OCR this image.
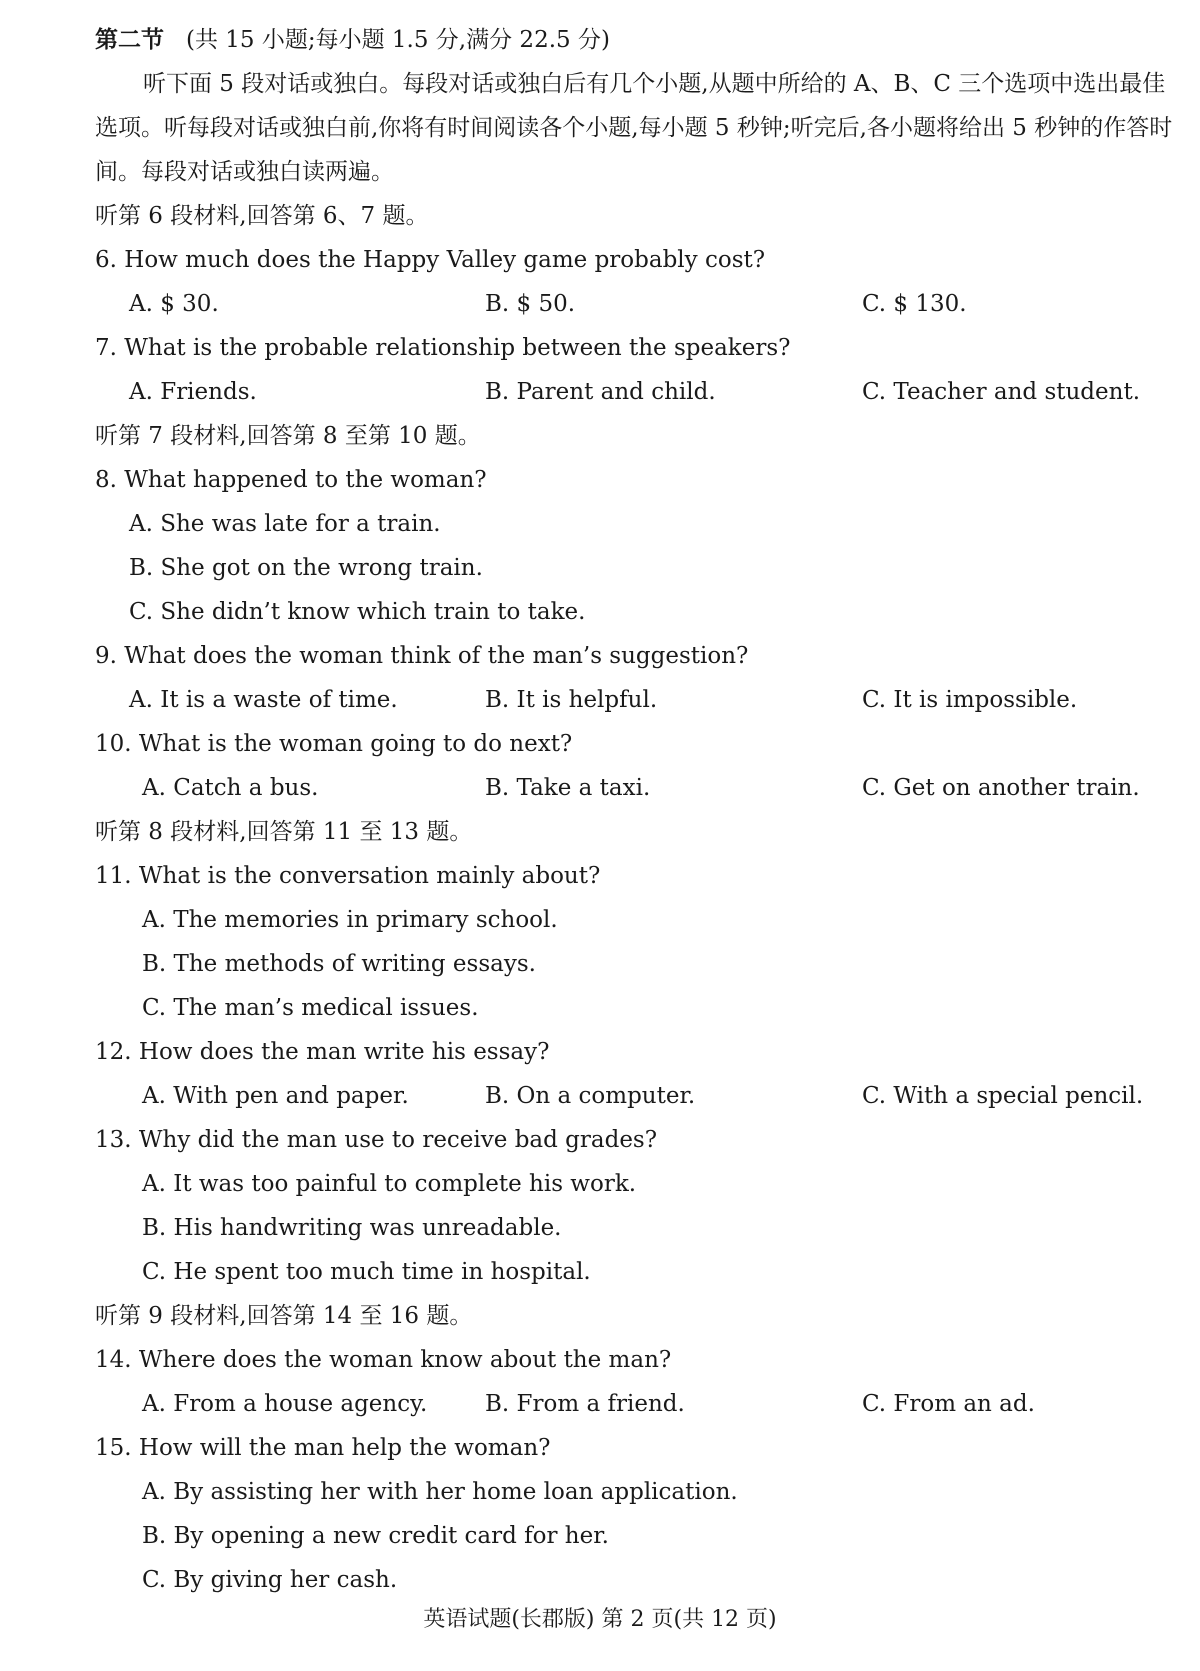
第二节 (共 15 小题;每小题 1.5 分,满分 22.5 分)
听下面 5 段对话或独白。每段对话或独白后有几个小题,从题中所给的 A、B、C 三个选项中选出最佳选项。听每段对话或独白前,你将有时间阅读各个小题,每小题 5 秒钟;听完后,各小题将给出 5 秒钟的作答时间。每段对话或独白读两遍。
听第 6 段材料,回答第 6、7 题。
6. How much does the Happy Valley game probably cost?
A. $ 30.	B. $ 50.	C. $ 130.
7. What is the probable relationship between the speakers?
A. Friends.	B. Parent and child.	C. Teacher and student.
听第 7 段材料,回答第 8 至第 10 题。
8. What happened to the woman?
A. She was late for a train.
B. She got on the wrong train.
C. She didn’t know which train to take.
9. What does the woman think of the man’s suggestion?
A. It is a waste of time.	B. It is helpful.	C. It is impossible.
10. What is the woman going to do next?
A. Catch a bus.	B. Take a taxi.	C. Get on another train.
听第 8 段材料,回答第 11 至 13 题。
11. What is the conversation mainly about?
A. The memories in primary school.
B. The methods of writing essays.
C. The man’s medical issues.
12. How does the man write his essay?
A. With pen and paper.	B. On a computer.	C. With a special pencil.
13. Why did the man use to receive bad grades?
A. It was too painful to complete his work.
B. His handwriting was unreadable.
C. He spent too much time in hospital.
听第 9 段材料,回答第 14 至 16 题。
14. Where does the woman know about the man?
A. From a house agency.	B. From a friend.	C. From an ad.
15. How will the man help the woman?
A. By assisting her with her home loan application.
B. By opening a new credit card for her.
C. By giving her cash.
英语试题(长郡版) 第 2 页(共 12 页)
